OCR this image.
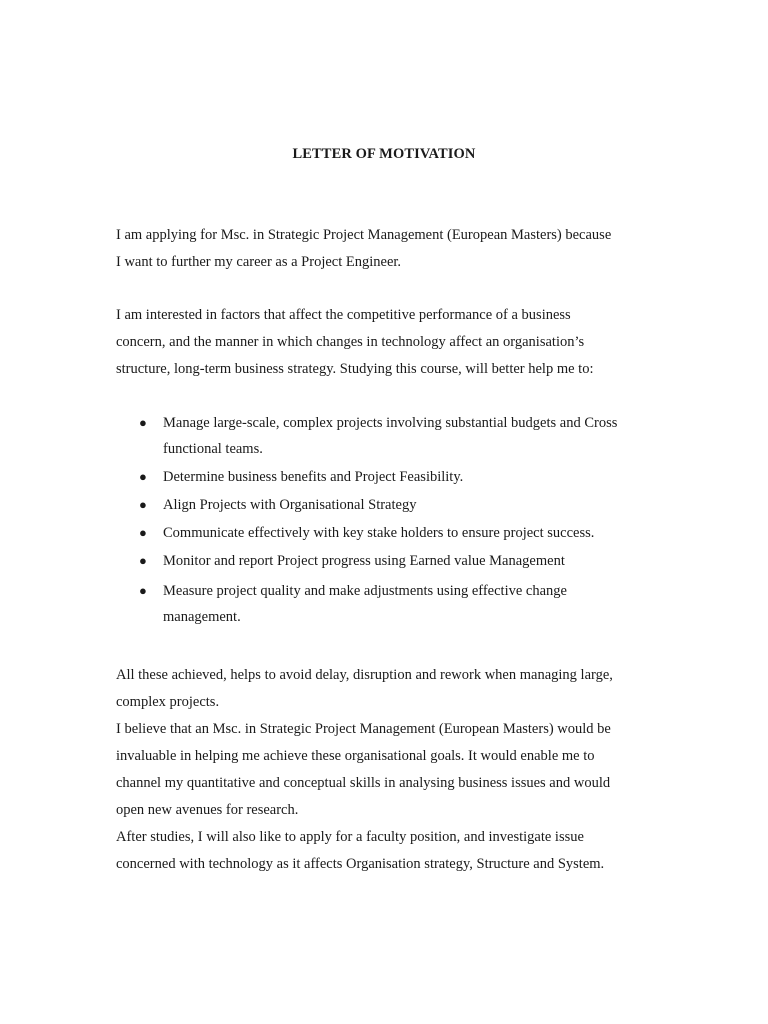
LETTER OF MOTIVATION

I am applying for Msc. in Strategic Project Management (European Masters) because
I want to further my career as a Project Engineer.

I am interested in factors that affect the competitive performance of a business
concern, and the manner in which changes in technology affect an organisation’s
structure, long-term business strategy. Studying this course, will better help me to:

● Manage large-scale, complex projects involving substantial budgets and Cross
functional teams.
● Determine business benefits and Project Feasibility.
● Align Projects with Organisational Strategy
● Communicate effectively with key stake holders to ensure project success.
● Monitor and report Project progress using Earned value Management
● Measure project quality and make adjustments using effective change
management.

All these achieved, helps to avoid delay, disruption and rework when managing large,
complex projects.
I believe that an Msc. in Strategic Project Management (European Masters) would be
invaluable in helping me achieve these organisational goals. It would enable me to
channel my quantitative and conceptual skills in analysing business issues and would
open new avenues for research.
After studies, I will also like to apply for a faculty position, and investigate issue
concerned with technology as it affects Organisation strategy, Structure and System.
